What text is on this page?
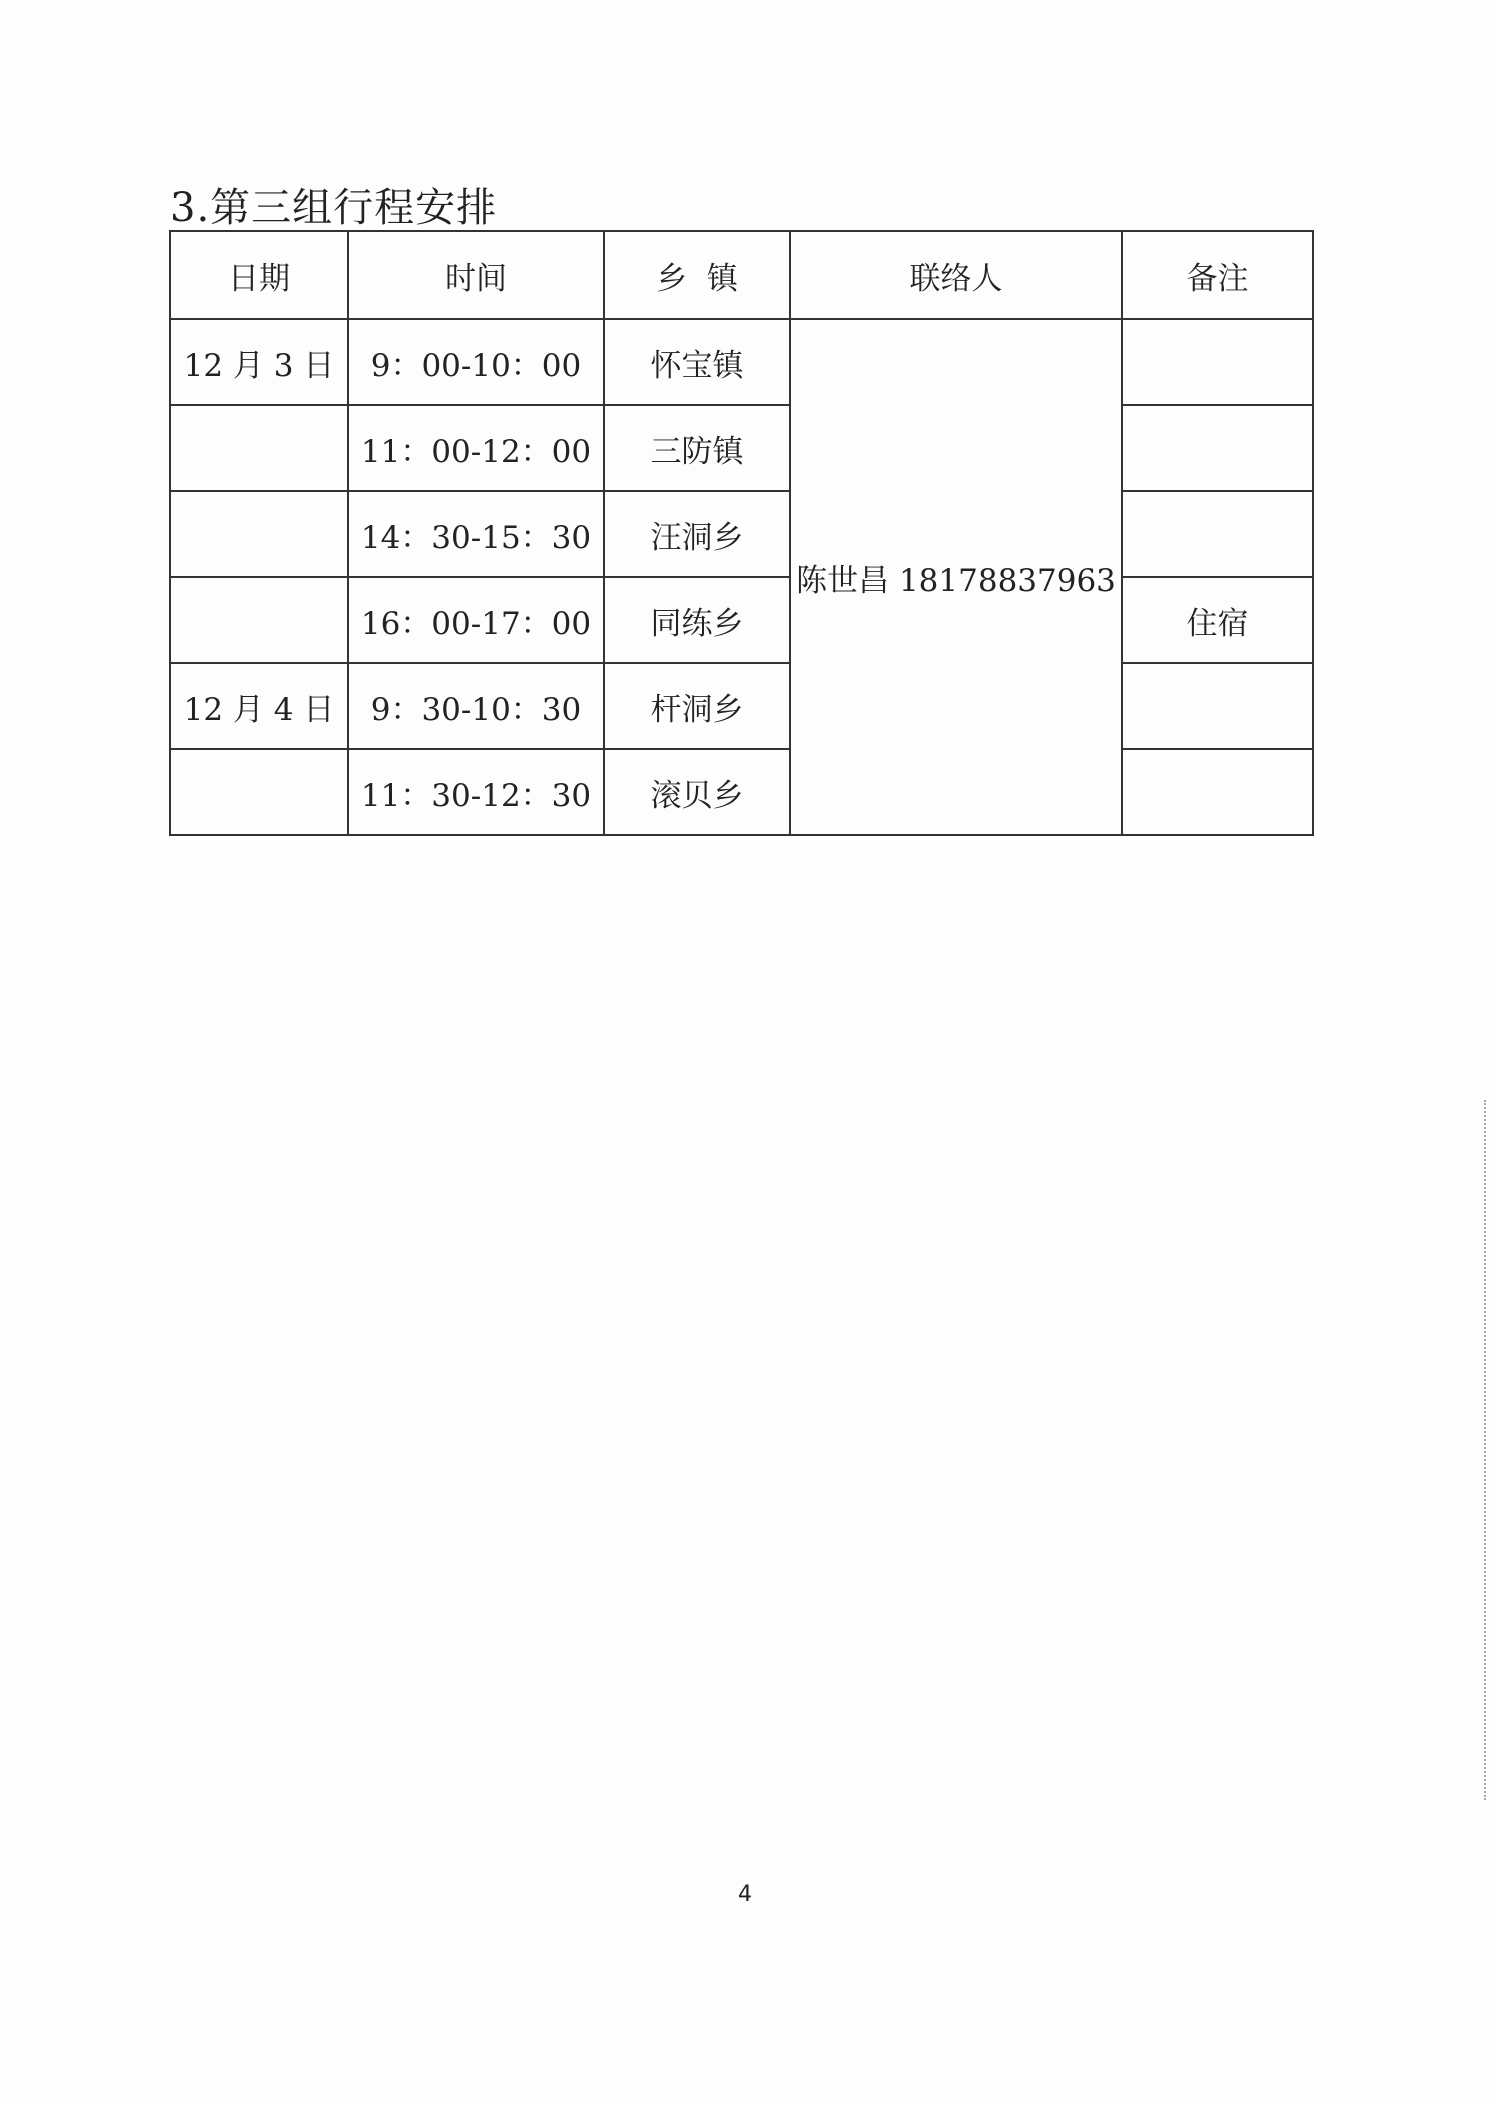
3.第三组行程安排
日期	时间	乡  镇	联络人	备注
12 月 3 日	9：00-10：00	怀宝镇	陈世昌 18178837963	
	11：00-12：00	三防镇		
	14：30-15：30	汪洞乡		
	16：00-17：00	同练乡		住宿
12 月 4 日	9：30-10：30	杆洞乡		
	11：30-12：30	滚贝乡		
4
